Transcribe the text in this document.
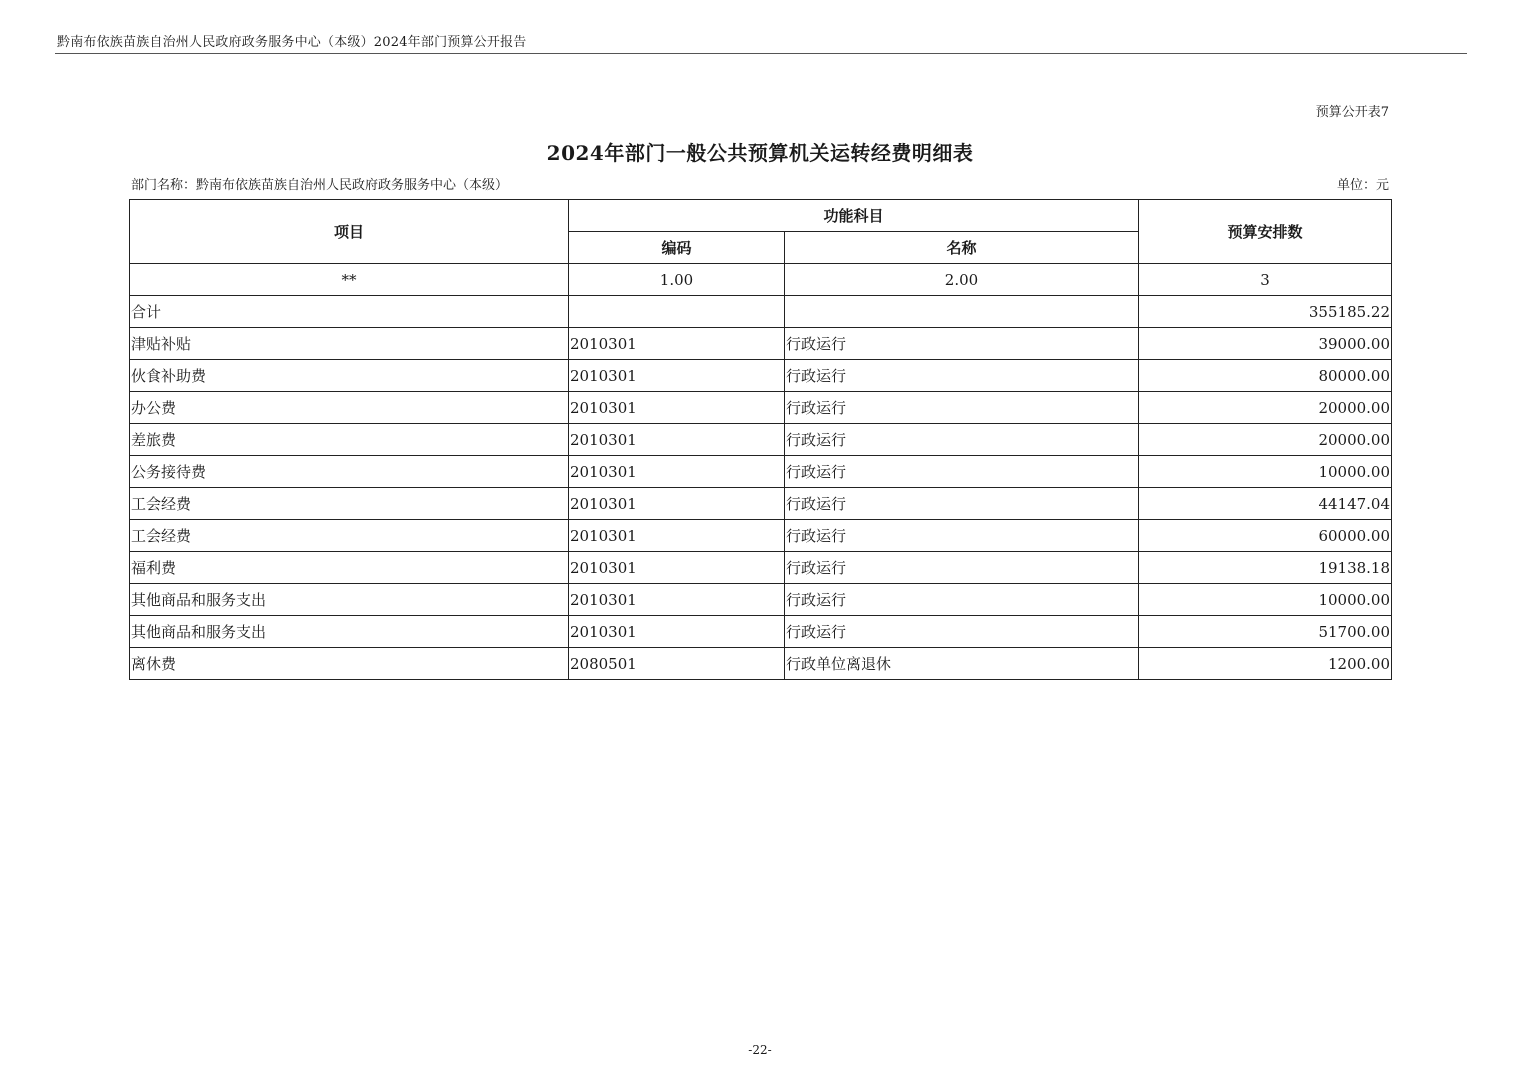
黔南布依族苗族自治州人民政府政务服务中心（本级）2024年部门预算公开报告
预算公开表7
2024年部门一般公共预算机关运转经费明细表
部门名称：黔南布依族苗族自治州人民政府政务服务中心（本级）	单位：元
项目	功能科目		预算安排数
	编码	名称	
**	1.00	2.00	3
合计			355185.22
津贴补贴	2010301	行政运行	39000.00
伙食补助费	2010301	行政运行	80000.00
办公费	2010301	行政运行	20000.00
差旅费	2010301	行政运行	20000.00
公务接待费	2010301	行政运行	10000.00
工会经费	2010301	行政运行	44147.04
工会经费	2010301	行政运行	60000.00
福利费	2010301	行政运行	19138.18
其他商品和服务支出	2010301	行政运行	10000.00
其他商品和服务支出	2010301	行政运行	51700.00
离休费	2080501	行政单位离退休	1200.00
-22-
